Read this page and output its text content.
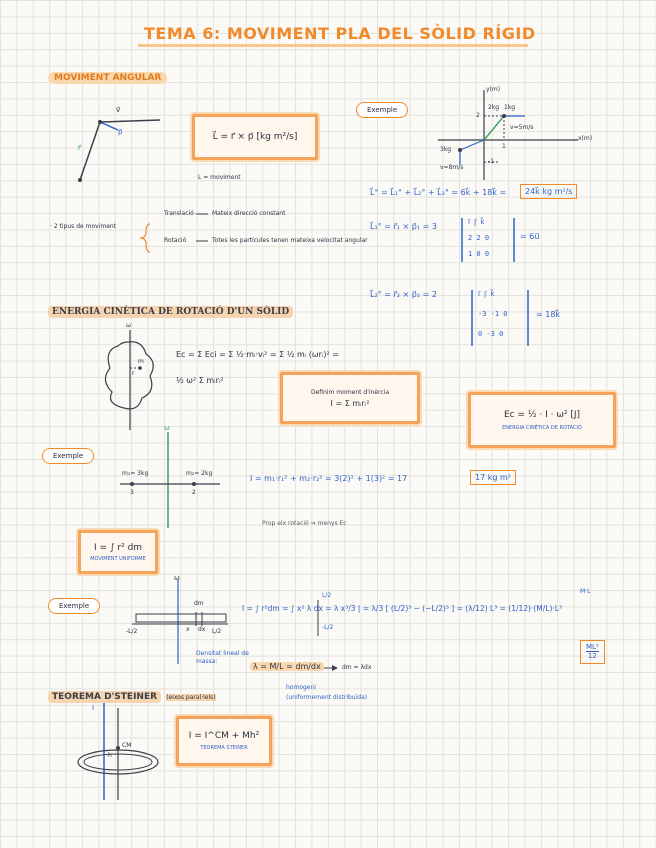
TEMA 6: MOVIMENT PLA DEL SÒLID RÍGID
MOVIMENT ANGULAR
v⃗
p⃗
r⃗
L⃗ = r⃗ × p⃗ [kg m²/s]
L = moviment
· 2 tipus de moviment
Translació	Mateix direcció constant
Rotació	Totes les partícules tenen mateixa velocitat angular
Exemple
y(m)
x(m)
2kg
3kg
v=5m/s
v=8m/s
1kg
2
1
-1
L⃗° = L⃗₁° + L⃗₂° + L⃗₃° = 6k⃗ + 18k⃗ =	24k⃗ kg m²/s
L⃗₁° = r⃗₁ × p⃗₁ = 3	i⃗ j⃗ k⃗
2 2 0
1 0 0
= 6u⃗
L⃗₂° = r⃗₂ × p⃗₂ = 2	i⃗ j⃗ k⃗
-3 -1 0
0 -3 0
= 18k⃗
ENERGIA CINÈTICA DE ROTACIÓ D'UN SÒLID
ω
m
r
Ec = Σ Eci = Σ ½·mᵢ·vᵢ² = Σ ½ mᵢ (ωrᵢ)² =
½ ω² Σ mᵢrᵢ²
Definim moment d'inèrcia
I = Σ mᵢrᵢ²
Ec = ½ · I · ω² [J]
ENERGIA CINÈTICA DE ROTACIÓ
Exemple
ω
m₁= 3kg	m₂= 2kg
3	2
I = m₁·r₁² + m₂·r₂² = 3(2)² + 1(3)² = 17	17 kg m²
Prop eix rotació ⇒ menys Ec
I = ∫ r² dm
MOVIMENT UNIFORME
Exemple
ω
dm
x dx
-L/2	L/2
I = ∫ r²dm = ∫ x² λ dx = λ x³/3 | = λ/3 [ (L/2)³ − (−L/2)³ ] = (λ/12) L³ = (1/12)·(M/L)·L³
L/2
-L/2
M·L
ML²
12
Densitat lineal de massa:
λ = M/L = dm/dx	dm = λdx
homogeni
(uniformement distribuïda)
TEOREMA D'STEINER (eixos paral·lels)
I
CM
h
I = I^CM + Mh²
TEOREMA STEINER
